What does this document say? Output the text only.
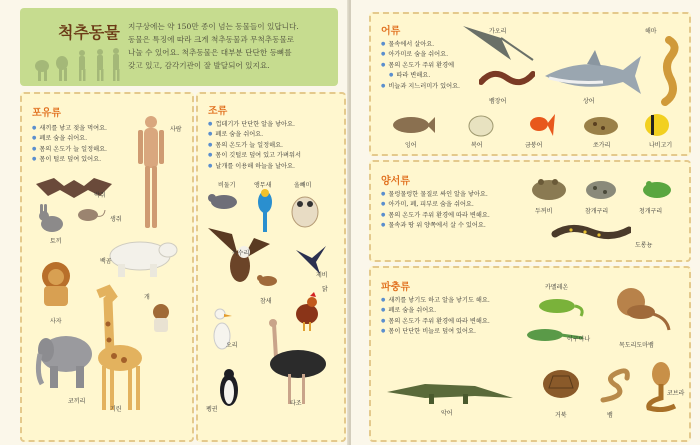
척추동물 지구상에는 약 150만 종이 넘는 동물들이 있답니다.
동물은 특징에 따라 크게 척추동물과 무척추동물로
나눌 수 있어요. 척추동물은 대부분 단단한 등뼈를
갖고 있고, 감각기관이 잘 발달되어 있지요.
포유류
● 새끼를 낳고 젖을 먹여요.
● 폐로 숨을 쉬어요.
● 몸의 온도가 늘 일정해요.
● 몸이 털로 덮여 있어요.
사람
박쥐
토끼
생쥐
백곰
사자
개
코끼리
기린
조류
● 껍데기가 단단한 알을 낳아요.
● 폐로 숨을 쉬어요.
● 몸의 온도가 늘 일정해요.
● 몸이 깃털로 덮여 있고 가벼워서
● 날개를 이용해 하늘을 날아요.
비둘기	앵무새	올빼미
독수리
제비
참새
닭
오리
타조
펭귄
어류
● 물속에서 살아요.
● 아가미로 숨을 쉬어요.
● 몸의 온도가 주위 환경에
● 따라 변해요.
● 비늘과 지느러미가 있어요.
가오리	해마
뱀장어	상어
잉어	복어	금붕어	쏘가리	나비고기
양서류
● 물렁물렁한 물질로 싸인 알을 낳아요.
● 아가미, 폐, 피부로 숨을 쉬어요.
● 몸의 온도가 주위 환경에 따라 변해요.
● 물속과 땅 위 양쪽에서 살 수 있어요.
두꺼비	참개구리	청개구리
도롱뇽
파충류
● 새끼를 낳기도 하고 알을 낳기도 해요.
● 폐로 숨을 쉬어요.
● 몸의 온도가 주위 환경에 따라 변해요.
● 몸이 단단한 비늘로 덮여 있어요.
카멜레온
목도리도마뱀
이구아나
악어	거북	뱀
코브라
